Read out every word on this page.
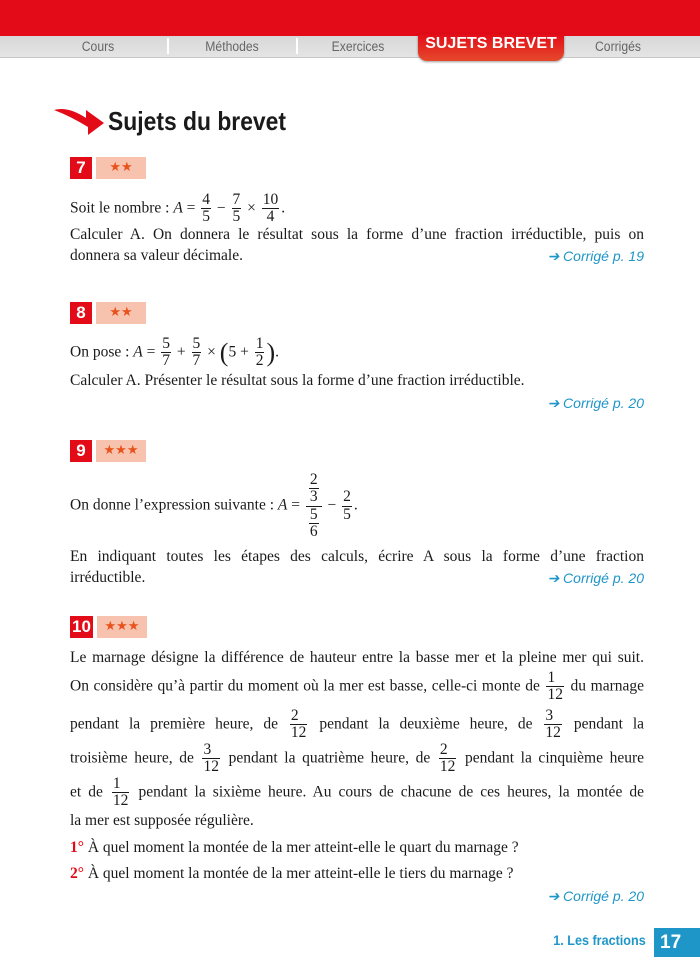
Cours	Méthodes	Exercices	SUJETS BREVET	Corrigés
Sujets du brevet
7	★★
Soit le nombre : $A = \frac{4}{5} - \frac{7}{5} \times \frac{10}{4}$ .
Calculer A. On donnera le résultat sous la forme d’une fraction irréductible, puis on
donnera sa valeur décimale.	➔ Corrigé p. 19
8	★★
On pose : $A = \frac{5}{7} + \frac{5}{7} \times (5 + \frac{1}{2}$ ).
Calculer A. Présenter le résultat sous la forme d’une fraction irréductible.
➔ Corrigé p. 20
9	★★★
On donne l’expression suivante : $A = \frac{\frac{2}{3}}{\frac{5}{6}} - \frac{2}{5}$ .
En indiquant toutes les étapes des calculs, écrire A sous la forme d’une fraction
irréductible.	➔ Corrigé p. 20
10	★★★
Le marnage désigne la différence de hauteur entre la basse mer et la pleine mer qui suit.
On considère qu’à partir du moment où la mer est basse, celle-ci monte de $\frac{1}{12}$ du marnage
pendant la première heure, de $\frac{2}{12}$ pendant la deuxième heure, de $\frac{3}{12}$ pendant la
troisième heure, de $\frac{3}{12}$ pendant la quatrième heure, de $\frac{2}{12}$ pendant la cinquième heure
et de $\frac{1}{12}$ pendant la sixième heure. Au cours de chacune de ces heures, la montée de
la mer est supposée régulière.
1° À quel moment la montée de la mer atteint-elle le quart du marnage ?
2° À quel moment la montée de la mer atteint-elle le tiers du marnage ?
➔ Corrigé p. 20
1. Les fractions 17
